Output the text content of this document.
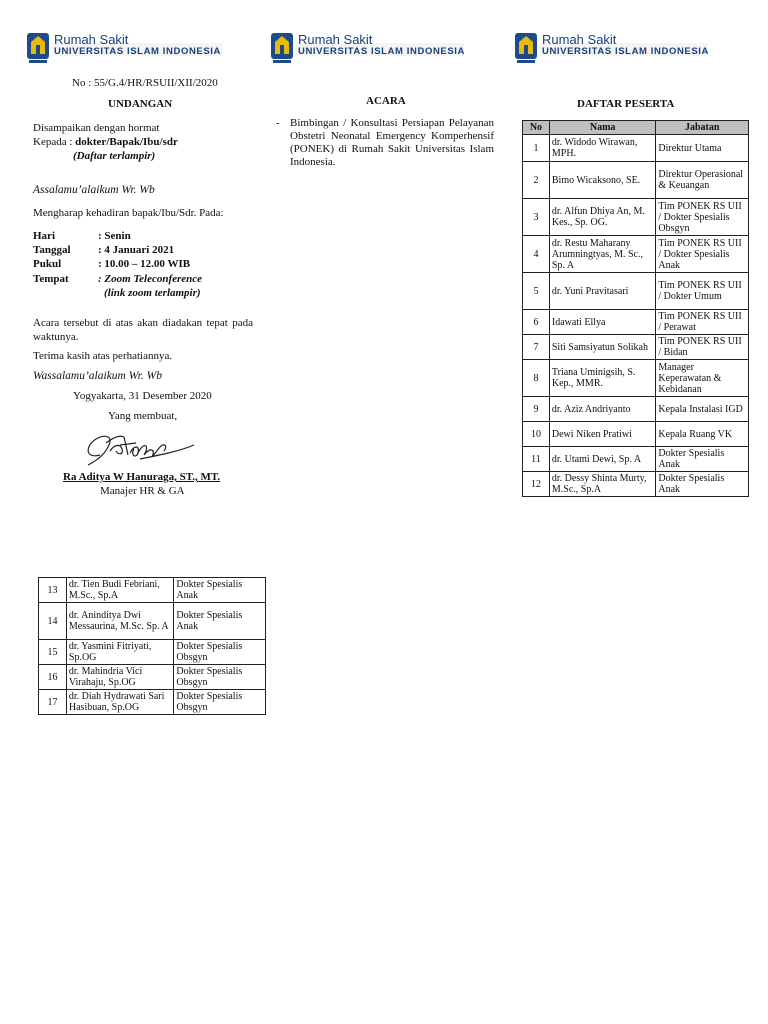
Rumah Sakit
UNIVERSITAS ISLAM INDONESIA
Rumah Sakit
UNIVERSITAS ISLAM INDONESIA
Rumah Sakit
UNIVERSITAS ISLAM INDONESIA
No : 55/G.4/HR/RSUII/XII/2020
UNDANGAN
Disampaikan dengan hormat
Kepada : dokter/Bapak/Ibu/sdr
(Daftar terlampir)
Assalamu’alaikum Wr. Wb
Mengharap kehadiran bapak/Ibu/Sdr. Pada:
Hari	: Senin
Tanggal : 4 Januari 2021
Pukul	: 10.00 – 12.00 WIB
Tempat	: Zoom Teleconference
(link zoom terlampir)
Acara tersebut di atas akan diadakan tepat pada
waktunya.
Terima kasih atas perhatiannya.
Wassalamu’alaikum Wr. Wb
Yogyakarta, 31 Desember 2020
Yang membuat,
Ra Aditya W Hanuraga, ST., MT.
Manajer HR & GA
ACARA
- Bimbingan / Konsultasi Persiapan Pelayanan
Obstetri Neonatal Emergency Komperhensif
(PONEK) di Rumah Sakit Universitas Islam
Indonesia.
DAFTAR PESERTA
No	Nama	Jabatan
1	dr. Widodo Wirawan, MPH.	Direktur Utama
2	Bimo Wicaksono, SE.	Direktur Operasional & Keuangan
3	dr. Alfun Dhiya An, M. Kes., Sp. OG.	Tim PONEK RS UII / Dokter Spesialis Obsgyn
4	dr. Restu Maharany Arumningtyas, M. Sc., Sp. A	Tim PONEK RS UII / Dokter Spesialis Anak
5	dr. Yuni Pravitasari	Tim PONEK RS UII / Dokter Umum
6	Idawati Ellya	Tim PONEK RS UII / Perawat
7	Siti Samsiyatun Solikah	Tim PONEK RS UII / Bidan
8	Triana Uminigsih, S. Kep., MMR.	Manager Keperawatan & Kebidanan
9	dr. Aziz Andriyanto	Kepala Instalasi IGD
10	Dewi Niken Pratiwi	Kepala Ruang VK
11	dr. Utami Dewi, Sp. A	Dokter Spesialis Anak
12	dr. Dessy Shinta Murty, M.Sc., Sp.A	Dokter Spesialis Anak
13	dr. Tien Budi Febriani, M.Sc., Sp.A	Dokter Spesialis Anak
14	dr. Aninditya Dwi Messaurina, M.Sc. Sp. A	Dokter Spesialis Anak
15	dr. Yasmini Fitriyati, Sp.OG	Dokter Spesialis Obsgyn
16	dr. Mahindria Vici Virahaju, Sp.OG	Dokter Spesialis Obsgyn
17	dr. Diah Hydrawati Sari Hasibuan, Sp.OG	Dokter Spesialis Obsgyn
